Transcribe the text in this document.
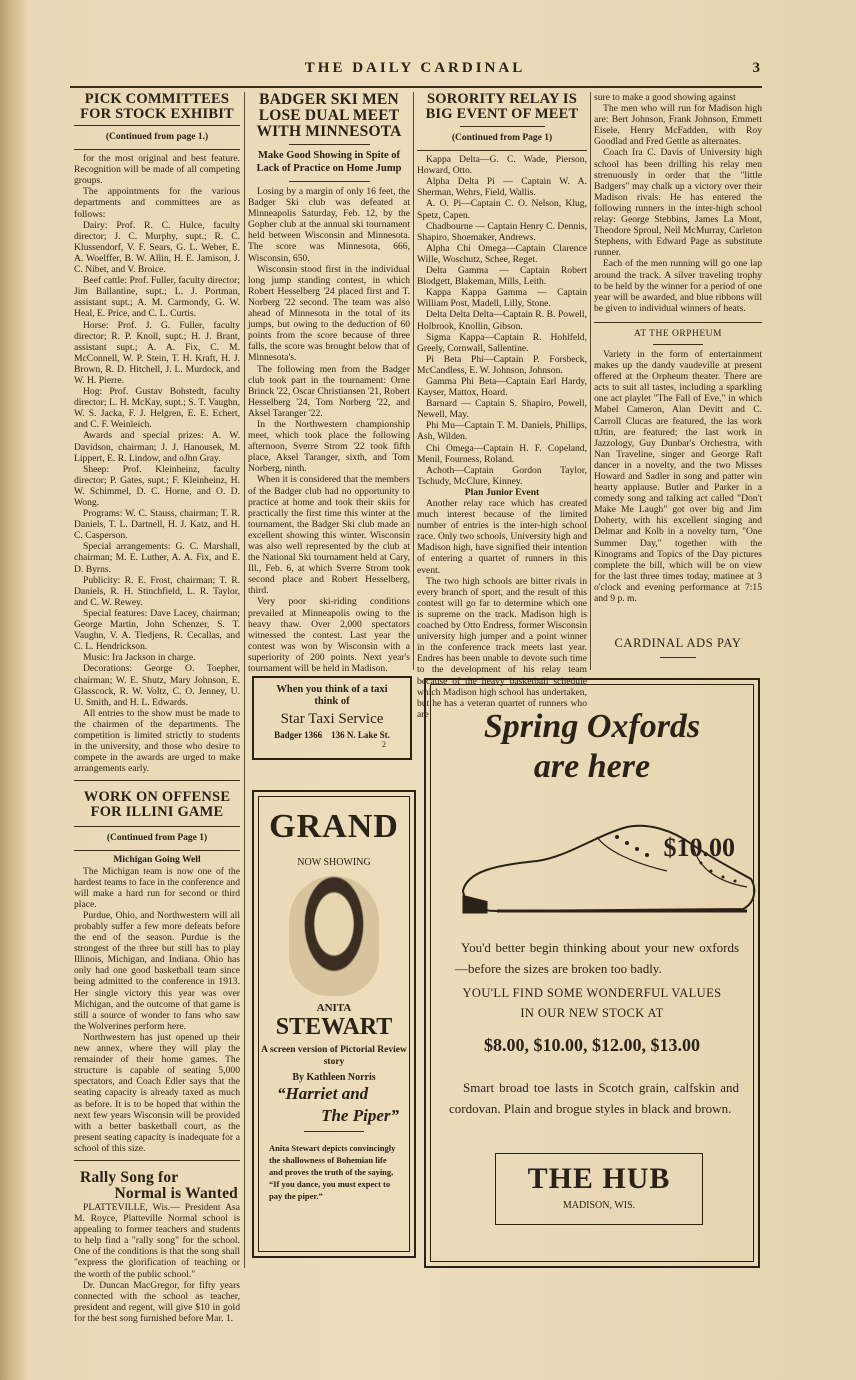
THE DAILY CARDINAL	3
PICK COMMITTEES
FOR STOCK EXHIBIT
(Continued from page 1.)

for the most original and best feature. Recognition will be made of all competing groups.

The appointments for the various departments and committees are as follows:

Dairy: Prof. R. C. Hulce, faculty director; J. C. Murphy, supt.; R. C. Klussendorf, V. F. Sears, G. L. Weber, E. A. Woelffer, B. W. Allin, H. E. Jamison, J. C. Nibet, and V. Broice.

Beef cattle: Prof. Fuller, faculty director; Jim Ballantine, supt.; L. J. Portman, assistant supt.; A. M. Carmondy, G. W. Heal, E. Price, and C. L. Curtis.

Horse: Prof. J. G. Fuller, faculty director; R. P. Knoll, supt.; H. J. Brant, assistant supt.; A. A. Fix, C. M. McConnell, W. P. Stein, T. H. Kraft, H. J. Brown, R. D. Hitchell, J. L. Murdock, and W. H. Pierre.

Hog: Prof. Gustav Bohstedt, faculty director; L. H. McKay, supt.; S. T. Vaughn, W. S. Jacka, F. J. Helgren, E. E. Echert, and C. F. Weinleich.

Awards and special prizes: A. W. Davidson, chairman; J. J. Hanousek, M. Lippert, E. R. Lindow, and oJhn Gray.

Sheep: Prof. Kleinheinz, faculty director; P. Gates, supt.; F. Kleinheinz, H. W. Schimmel, D. C. Horne, and O. D. Wong.

Programs: W. C. Stauss, chairman; T. R. Daniels, T. L. Dartnell, H. J. Katz, and H. C. Casperson.

Special arrangements: G. C. Marshall, chairman; M. E. Luther, A. A. Fix, and E. D. Byrns.

Publicity: R. E. Frost, chairman; T. R. Daniels, R. H. Stinchfield, L. R. Taylor, and C. W. Rewey.

Special features: Dave Lacey, chairman; George Martin, John Schenzer, S. T. Vaughn, V. A. Tiedjens, R. Cecallas, and C. L. Hendrickson.

Music: Ira Jackson in charge.

Decorations: George O. Toepher, chairman; W. E. Shutz, Mary Johnson, E. Glasscock, R. W. Voltz, C. O. Jenney, U. U. Smith, and H. L. Edwards.

All entries to the show must be made to the chairmen of the departments. The competition is limited strictly to students in the university, and those who desire to compete in the awards are urged to make arrangements early.

WORK ON OFFENSE
FOR ILLINI GAME
(Continued from Page 1)
Michigan Going Well

The Michigan team is now one of the hardest teams to face in the conference and will make a hard run for second or third place.

Purdue, Ohio, and Northwestern will all probably suffer a few more defeats before the end of the season. Purdue is the strongest of the three but still has to play Illinois, Michigan, and Indiana. Ohio has only had one good basketball team since being admitted to the conference in 1913. Her single victory this year was over Michigan, and the outcome of that game is still a source of wonder to fans who saw the Wolverines perform here.

Northwestern has just opened up their new annex, where they will play the remainder of their home games. The structure is capable of seating 5,000 spectators, and Coach Edler says that the seating capacity is already taxed as much as before. It is to be hoped that within the next few years Wisconsin will be provided with a better basketball court, as the present seating capacity is inadequate for a school of this size.

Rally Song for
Normal is Wanted

PLATTEVILLE, Wis.— President Asa M. Royce, Platteville Normal school is appealing to former teachers and students to help find a "rally song" for the school. One of the conditions is that the song shall "express the glorification of teaching or the worth of the public school."

Dr. Duncan MacGregor, for fifty years connected with the school as teacher, president and regent, will give $10 in gold for the best song furnished before Mar. 1.

BADGER SKI MEN
LOSE DUAL MEET
WITH MINNESOTA
Make Good Showing in Spite of Lack of Practice on Home Jump

Losing by a margin of only 16 feet, the Badger Ski club was defeated at Minneapolis Saturday, Feb. 12, by the Gopher club at the annual ski tournament held between Wisconsin and Minnesota. The score was Minnesota, 666, Wisconsin, 650.

Wisconsin stood first in the individual long jump standing contest, in which Robert Hesselberg '24 placed first and T. Norberg '22 second. The team was also ahead of Minnesota in the total of its jumps, but owing to the deduction of 60 points from the score because of three falls, the score was brought below that of Minnesota's.

The following men from the Badger club took part in the tournament: Orne Brinck '22, Oscar Christiansen '21, Robert Hesselberg '24, Tom Norberg '22, and Aksel Taranger '22.

In the Northwestern championship meet, which took place the following afternoon, Sverre Strom '22 took fifth place, Aksel Taranger, sixth, and Tom Norberg, ninth.

When it is considered that the members of the Badger club had no opportunity to practice at home and took their skiis for practically the first time this winter at the tournament, the Badger Ski club made an excellent showing this winter. Wisconsin was also well represented by the club at the National Ski tournament held at Cary, Ill., Feb. 6, at which Sverre Strom took second place and Robert Hesselberg, third.

Very poor ski-riding conditions prevailed at Minneapolis owing to the heavy thaw. Over 2,000 spectators witnessed the contest. Last year the contest was won by Wisconsin with a superiority of 200 points. Next year's tournament will be held in Madison.

SORORITY RELAY IS
BIG EVENT OF MEET
(Continued from Page 1)

Kappa Delta—G. C. Wade, Pierson, Howard, Otto.

Alpha Delta Pi — Captain W. A. Sherman, Wehrs, Field, Wallis.

A. O. Pi—Captain C. O. Nelson, Klug, Spetz, Capen.

Chadbourne — Captain Henry C. Dennis, Shapiro, Shoemaker, Andrews.

Alpha Chi Omega—Captain Clarence Wille, Woschutz, Schee, Reget.

Delta Gamma — Captain Robert Blodgett, Blakeman, Mills, Leith.

Kappa Kappa Gamma — Captain William Post, Madell, Lilly, Stone.

Delta Delta Delta—Captain R. B. Powell, Holbrook, Knollin, Gibson.

Sigma Kappa—Captain R. Hohlfeld, Greely, Cornwall, Sallentine.

Pi Beta Phi—Captain P. Forsbeck, McCandless, E. W. Johnson, Johnson.

Gamma Phi Beta—Captain Earl Hardy, Kayser, Mattox, Hoard.

Barnard — Captain S. Shapiro, Powell, Newell, May.

Phi Mu—Captain T. M. Daniels, Phillips, Ash, Wilden.

Chi Omega—Captain H. F. Copeland, Menil, Fourness, Roland.

Achoth—Captain Gordon Taylor, Tschudy, McClure, Kinney.

Plan Junior Event

Another relay race which has created much interest because of the limited number of entries is the inter-high school race. Only two schools, University high and Madison high, have signified their intention of entering a quartet of runners in this event.

The two high schools are bitter rivals in every branch of sport, and the result of this contest will go far to determine which one is supreme on the track. Madison high is coached by Otto Endress, former Wisconsin university high jumper and a point winner in the conference track meets last year. Endres has been unable to devote such time to the development of his relay team because of the heavy basketball schedule which Madison high school has undertaken, but he has a veteran quartet of runners who are

sure to make a good showing against

The men who will run for Madison high are: Bert Johnson, Frank Johnson, Emmett Eisele, Henry McFadden, with Roy Goodlad and Fred Gettle as alternates.

Coach Ira C. Davis of University high school has been drilling his relay men strenuously in order that the "little Badgers" may chalk up a victory over their Madison rivals. He has entered the following runners in the inter-high school relay: George Stebbins, James La Mont, Theodore Sproul, Neil McMurray, Carleton Stephens, with Edward Page as substitute runner.

Each of the men running will go one lap around the track. A silver traveling trophy to be held by the winner for a period of one year will be awarded, and blue ribbons will be given to individual winners of heats.

AT THE ORPHEUM

Variety in the form of entertainment makes up the dandy vaudeville at present offered at the Orpheum theater. There are acts to suit all tastes, including a sparkling one act playlet "The Fall of Eve," in which Mabel Cameron, Alan Devitt and C. Carroll Clucas are featured, the las work ttJtin, are featured; the last work in Jazzology, Guy Dunbar's Orchestra, with Nan Traveline, singer and George Raft dancer in a novelty, and the two Misses Howard and Sadler in song and patter win hearty applause. Butler and Parker in a comedy song and talking act called "Don't Make Me Laugh" got over big and Jim Doherty, with his excellent singing and Delmar and Kolb in a novelty turn, "One Summer Day," together with the Kinograms and Topics of the Day pictures complete the bill, which will be on view for the last three times today, matinee at 3 o'clock and evening performance at 7:15 and 9 p. m.

CARDINAL ADS PAY
When you think of a taxi
think of
Star Taxi Service
Badger 1366 136 N. Lake St.
2
GRAND
NOW SHOWING
ANITA
STEWART
A screen version of Pictorial Review story
By Kathleen Norris
“Harriet and
The Piper”
Anita Stewart depicts convincingly the shallowness of Bohemian life and proves the truth of the saying, “If you dance, you must expect to pay the piper.”
Spring Oxfords
are here
$10.00
You'd better begin thinking about your new oxfords—before the sizes are broken too badly.
YOU'LL FIND SOME WONDERFUL VALUES
IN OUR NEW STOCK AT
$8.00, $10.00, $12.00, $13.00
Smart broad toe lasts in Scotch grain, calfskin and cordovan. Plain and brogue styles in black and brown.
THE HUB
MADISON, WIS.
